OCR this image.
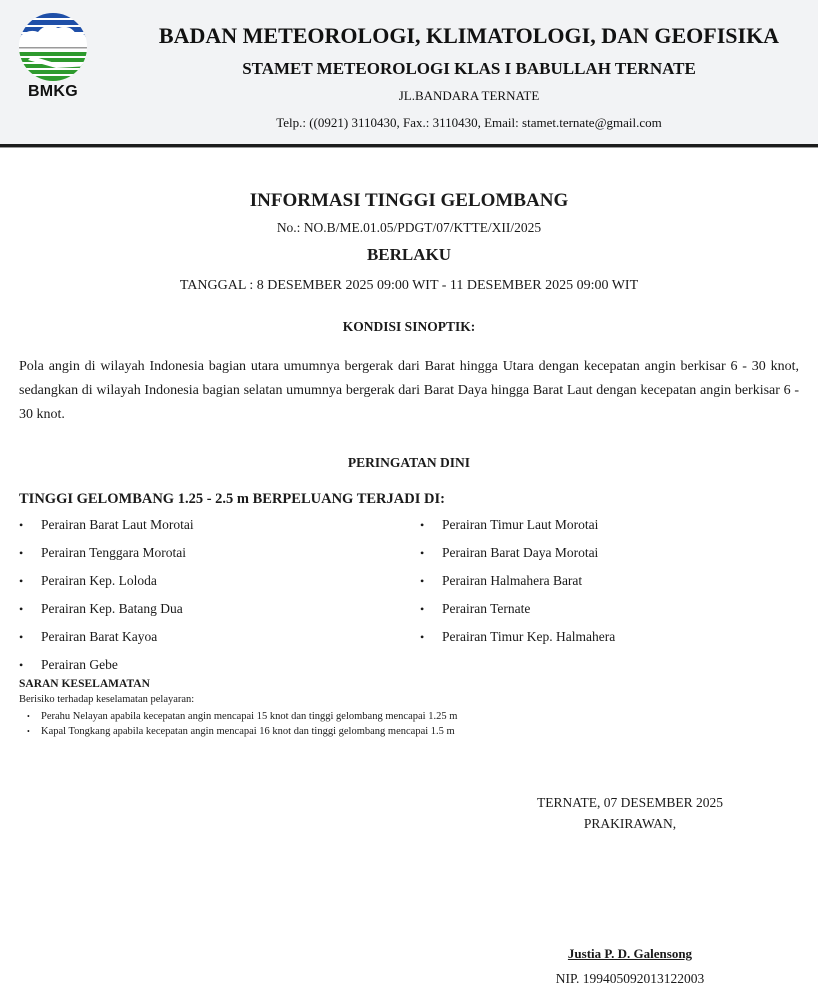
BMKG
BADAN METEOROLOGI, KLIMATOLOGI, DAN GEOFISIKA
STAMET METEOROLOGI KLAS I BABULLAH TERNATE
JL.BANDARA TERNATE
Telp.: ((0921) 3110430, Fax.: 3110430, Email: stamet.ternate@gmail.com
INFORMASI TINGGI GELOMBANG
No.: NO.B/ME.01.05/PDGT/07/KTTE/XII/2025
BERLAKU
TANGGAL : 8 DESEMBER 2025 09:00 WIT - 11 DESEMBER 2025 09:00 WIT
KONDISI SINOPTIK:
Pola angin di wilayah Indonesia bagian utara umumnya bergerak dari Barat hingga Utara dengan kecepatan angin berkisar 6 - 30 knot, sedangkan di wilayah Indonesia bagian selatan umumnya bergerak dari Barat Daya hingga Barat Laut dengan kecepatan angin berkisar 6 - 30 knot.
PERINGATAN DINI
TINGGI GELOMBANG 1.25 - 2.5 m BERPELUANG TERJADI DI:
•	Perairan Barat Laut Morotai
•	Perairan Tenggara Morotai
•	Perairan Kep. Loloda
•	Perairan Kep. Batang Dua
•	Perairan Barat Kayoa
•	Perairan Gebe
•	Perairan Timur Laut Morotai
•	Perairan Barat Daya Morotai
•	Perairan Halmahera Barat
•	Perairan Ternate
•	Perairan Timur Kep. Halmahera
SARAN KESELAMATAN
Berisiko terhadap keselamatan pelayaran:
•	Perahu Nelayan apabila kecepatan angin mencapai 15 knot dan tinggi gelombang mencapai 1.25 m
•	Kapal Tongkang apabila kecepatan angin mencapai 16 knot dan tinggi gelombang mencapai 1.5 m
TERNATE, 07 DESEMBER 2025
PRAKIRAWAN,
Justia P. D. Galensong
NIP. 199405092013122003
